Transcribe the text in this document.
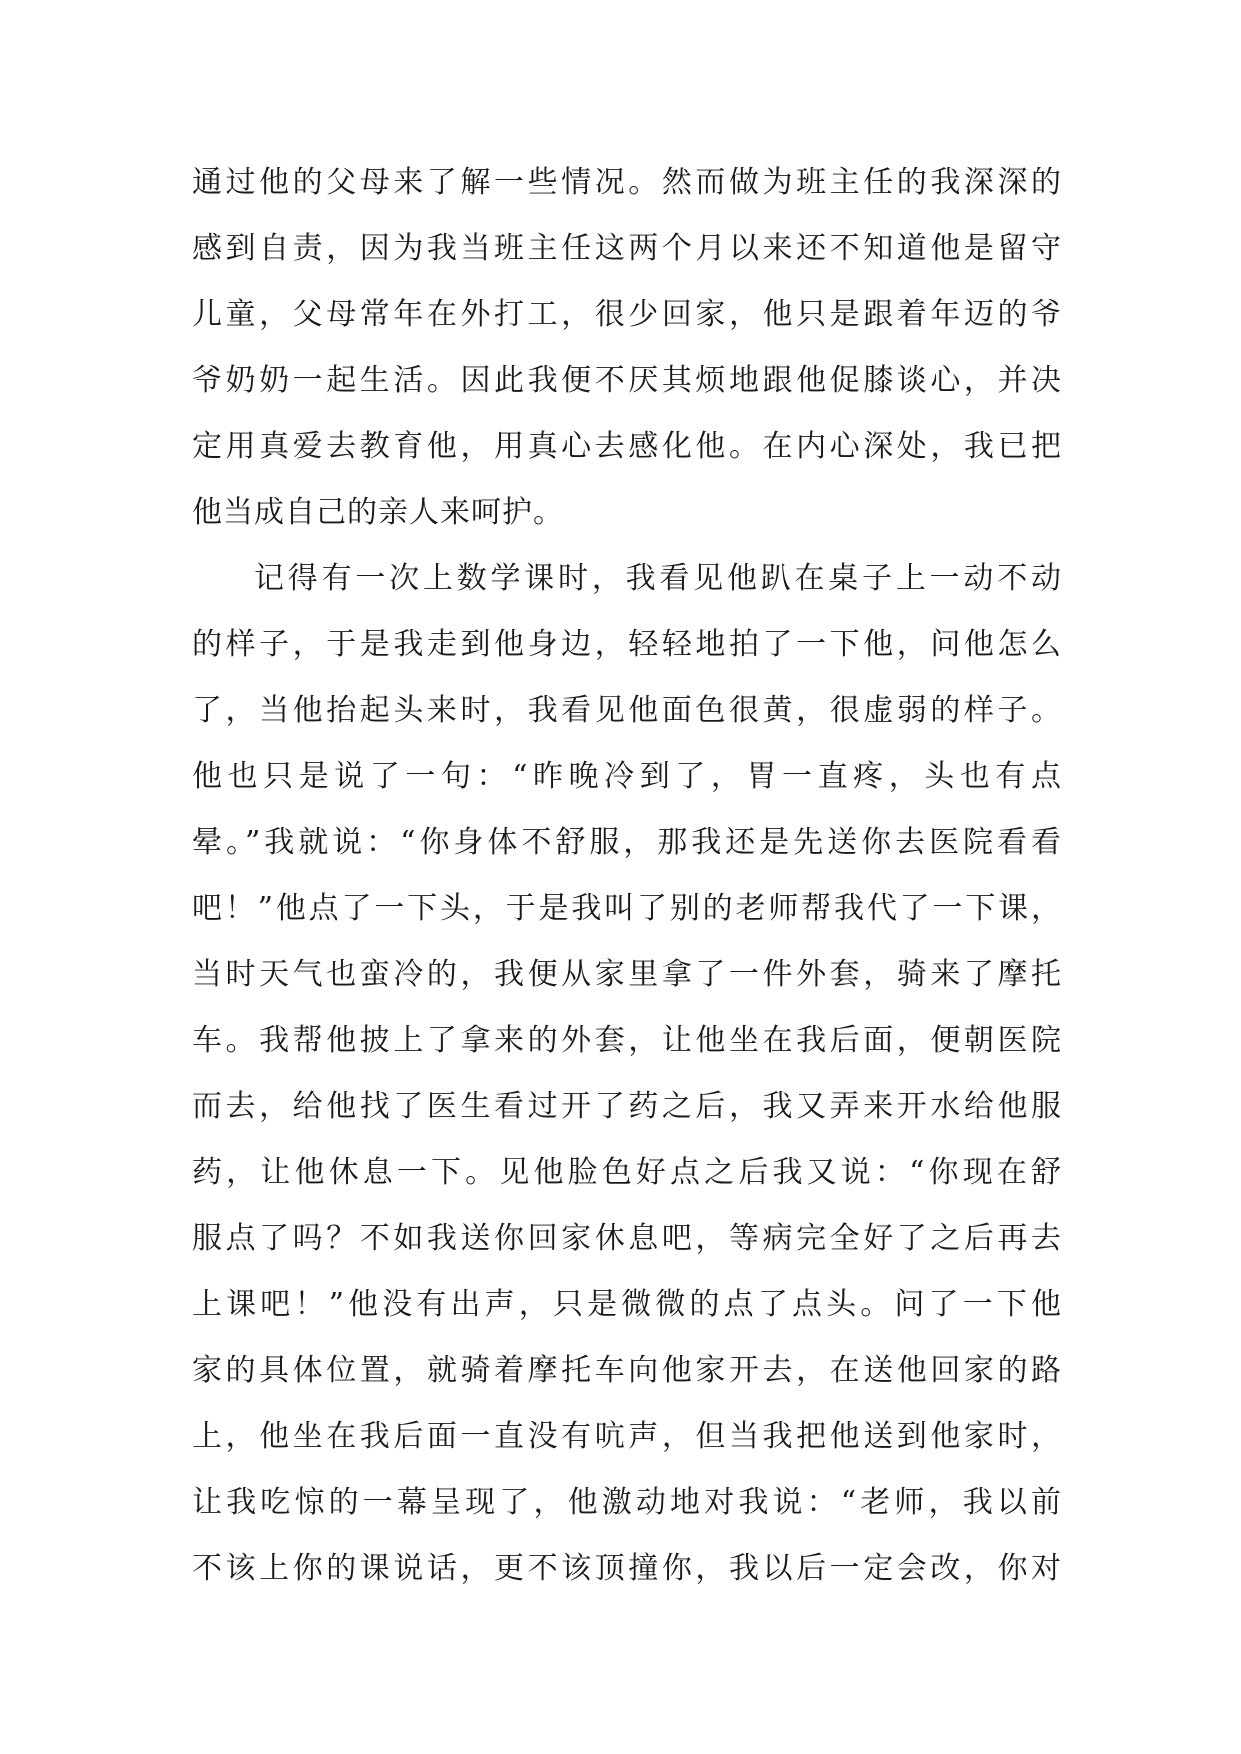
通过他的父母来了解一些情况。然而做为班主任的我深深的
感到自责，因为我当班主任这两个月以来还不知道他是留守
儿童，父母常年在外打工，很少回家，他只是跟着年迈的爷
爷奶奶一起生活。因此我便不厌其烦地跟他促膝谈心，并决
定用真爱去教育他，用真心去感化他。在内心深处，我已把
他当成自己的亲人来呵护。
记得有一次上数学课时，我看见他趴在桌子上一动不动
的样子，于是我走到他身边，轻轻地拍了一下他，问他怎么
了，当他抬起头来时，我看见他面色很黄，很虚弱的样子。
他也只是说了一句：“昨晚冷到了，胃一直疼，头也有点
晕。”我就说：“你身体不舒服，那我还是先送你去医院看看
吧！”他点了一下头，于是我叫了别的老师帮我代了一下课，
当时天气也蛮冷的，我便从家里拿了一件外套，骑来了摩托
车。我帮他披上了拿来的外套，让他坐在我后面，便朝医院
而去，给他找了医生看过开了药之后，我又弄来开水给他服
药，让他休息一下。见他脸色好点之后我又说：“你现在舒
服点了吗？不如我送你回家休息吧，等病完全好了之后再去
上课吧！”他没有出声，只是微微的点了点头。问了一下他
家的具体位置，就骑着摩托车向他家开去，在送他回家的路
上，他坐在我后面一直没有吭声，但当我把他送到他家时，
让我吃惊的一幕呈现了，他激动地对我说：“老师，我以前
不该上你的课说话，更不该顶撞你，我以后一定会改，你对
